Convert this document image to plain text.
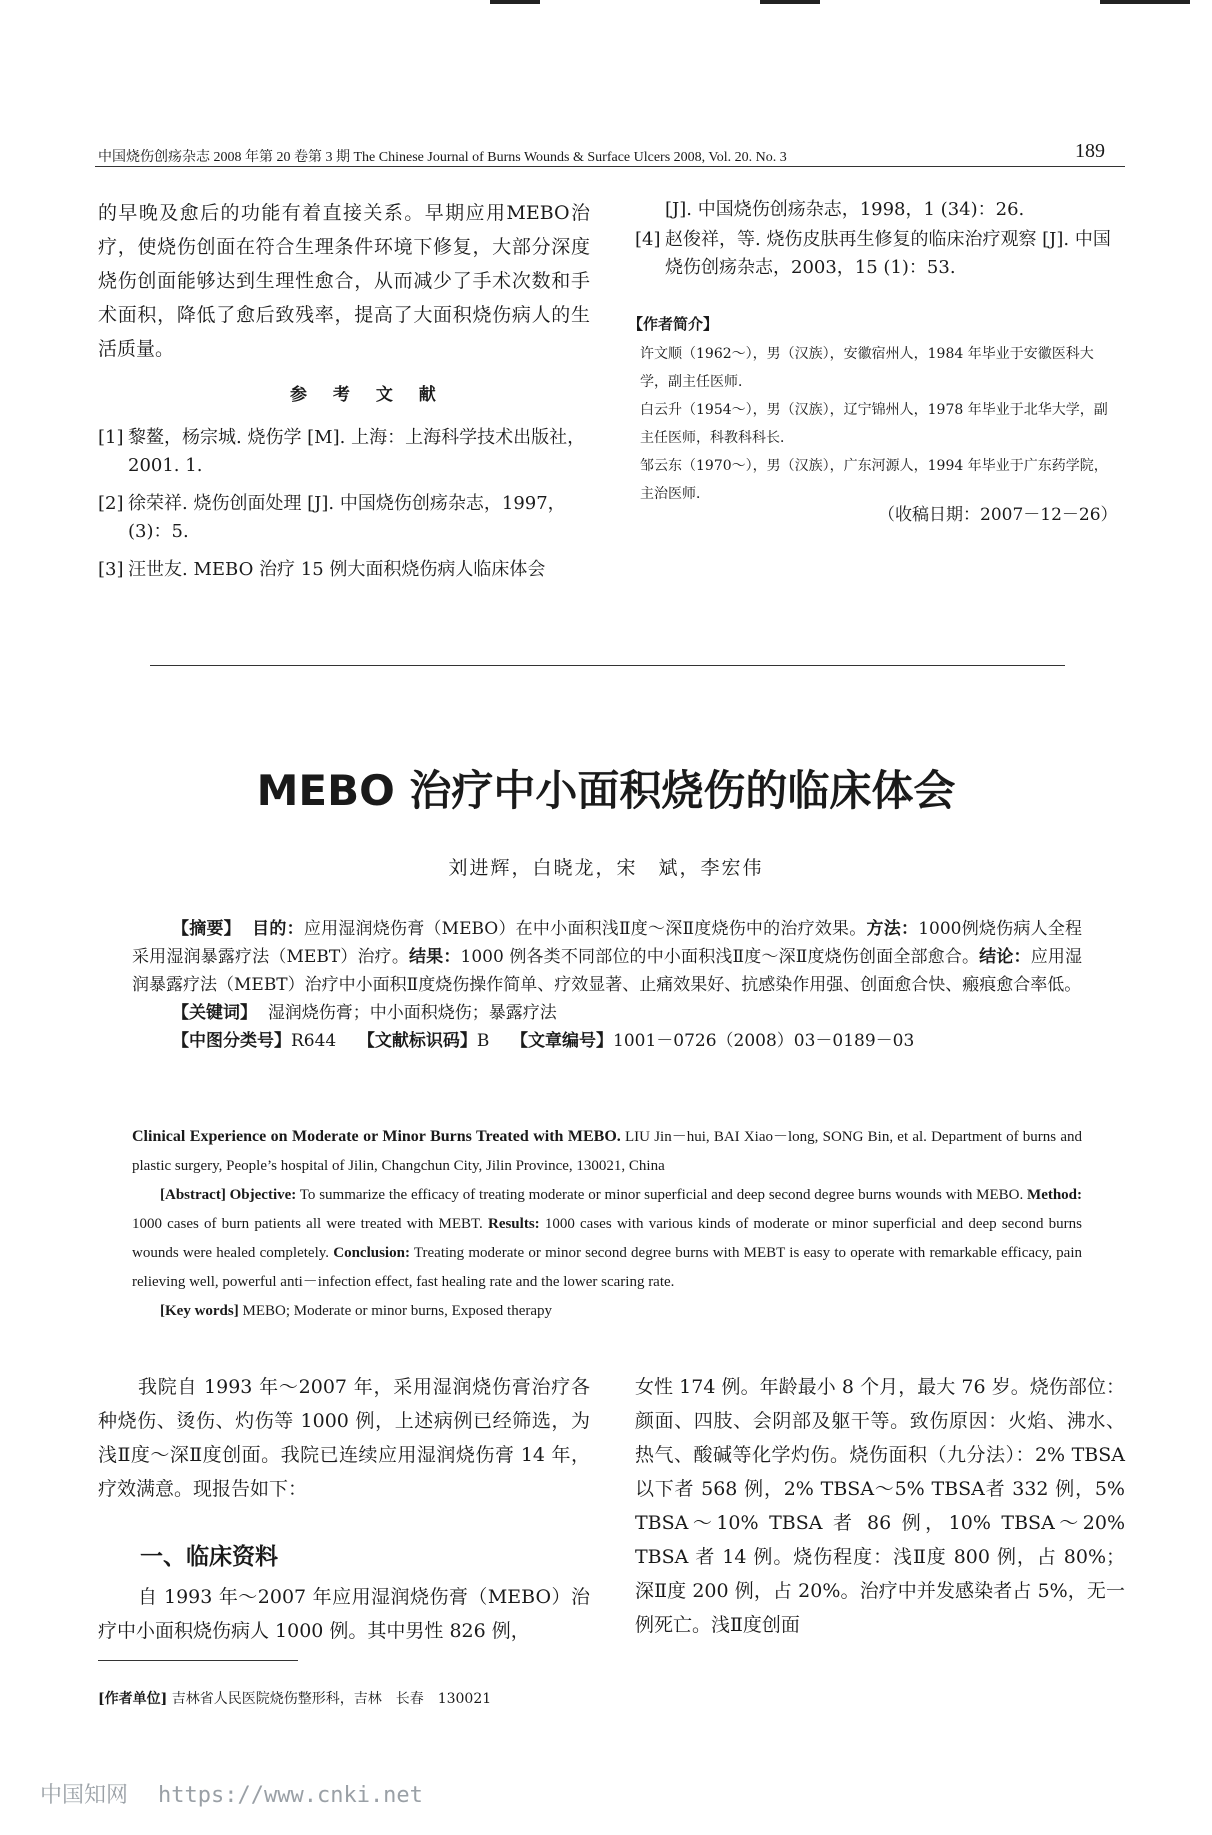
中国烧伤创疡杂志 2008 年第 20 卷第 3 期 The Chinese Journal of Burns Wounds & Surface Ulcers 2008, Vol. 20. No. 3	189
的早晚及愈后的功能有着直接关系。早期应用MEBO治疗，使烧伤创面在符合生理条件环境下修复，大部分深度烧伤创面能够达到生理性愈合，从而减少了手术次数和手术面积，降低了愈后致残率，提高了大面积烧伤病人的生活质量。
参 考 文 献
[1] 黎鳌，杨宗城. 烧伤学 [M]. 上海：上海科学技术出版社，2001. 1.
[2] 徐荣祥. 烧伤创面处理 [J]. 中国烧伤创疡杂志，1997，(3)：5.
[3] 汪世友. MEBO 治疗 15 例大面积烧伤病人临床体会
[J]. 中国烧伤创疡杂志，1998，1 (34)：26.
[4] 赵俊祥，等. 烧伤皮肤再生修复的临床治疗观察 [J]. 中国烧伤创疡杂志，2003，15 (1)：53.
【作者简介】
许文顺（1962～），男（汉族），安徽宿州人，1984 年毕业于安徽医科大学，副主任医师．
白云升（1954～），男（汉族），辽宁锦州人，1978 年毕业于北华大学，副主任医师，科教科科长．
邹云东（1970～），男（汉族），广东河源人，1994 年毕业于广东药学院，主治医师．
（收稿日期：2007－12－26）
MEBO 治疗中小面积烧伤的临床体会
刘进辉，白晓龙，宋　斌，李宏伟
【摘要】 目的：应用湿润烧伤膏（MEBO）在中小面积浅Ⅱ度～深Ⅱ度烧伤中的治疗效果。方法：1000例烧伤病人全程采用湿润暴露疗法（MEBT）治疗。结果：1000 例各类不同部位的中小面积浅Ⅱ度～深Ⅱ度烧伤创面全部愈合。结论：应用湿润暴露疗法（MEBT）治疗中小面积Ⅱ度烧伤操作简单、疗效显著、止痛效果好、抗感染作用强、创面愈合快、瘢痕愈合率低。
【关键词】 湿润烧伤膏；中小面积烧伤；暴露疗法
【中图分类号】R644 【文献标识码】B 【文章编号】1001－0726（2008）03－0189－03
Clinical Experience on Moderate or Minor Burns Treated with MEBO. LIU Jin－hui, BAI Xiao－long, SONG Bin, et al. Department of burns and plastic surgery, People’s hospital of Jilin, Changchun City, Jilin Province, 130021, China
[Abstract] Objective: To summarize the efficacy of treating moderate or minor superficial and deep second degree burns wounds with MEBO. Method: 1000 cases of burn patients all were treated with MEBT. Results: 1000 cases with various kinds of moderate or minor superficial and deep second burns wounds were healed completely. Conclusion: Treating moderate or minor second degree burns with MEBT is easy to operate with remarkable efficacy, pain relieving well, powerful anti－infection effect, fast healing rate and the lower scaring rate.
[Key words] MEBO; Moderate or minor burns, Exposed therapy
我院自 1993 年～2007 年，采用湿润烧伤膏治疗各种烧伤、烫伤、灼伤等 1000 例，上述病例已经筛选，为浅Ⅱ度～深Ⅱ度创面。我院已连续应用湿润烧伤膏 14 年，疗效满意。现报告如下：
一、临床资料
自 1993 年～2007 年应用湿润烧伤膏（MEBO）治疗中小面积烧伤病人 1000 例。其中男性 826 例，
女性 174 例。年龄最小 8 个月，最大 76 岁。烧伤部位：颜面、四肢、会阴部及躯干等。致伤原因：火焰、沸水、热气、酸碱等化学灼伤。烧伤面积（九分法）：2% TBSA 以下者 568 例，2% TBSA～5% TBSA者 332 例，5% TBSA～10% TBSA 者 86 例，10% TBSA～20% TBSA 者 14 例。烧伤程度：浅Ⅱ度 800 例，占 80%；深Ⅱ度 200 例，占 20%。治疗中并发感染者占 5%，无一例死亡。浅Ⅱ度创面
[作者单位] 吉林省人民医院烧伤整形科，吉林　长春　130021
中国知网 https://www.cnki.net
